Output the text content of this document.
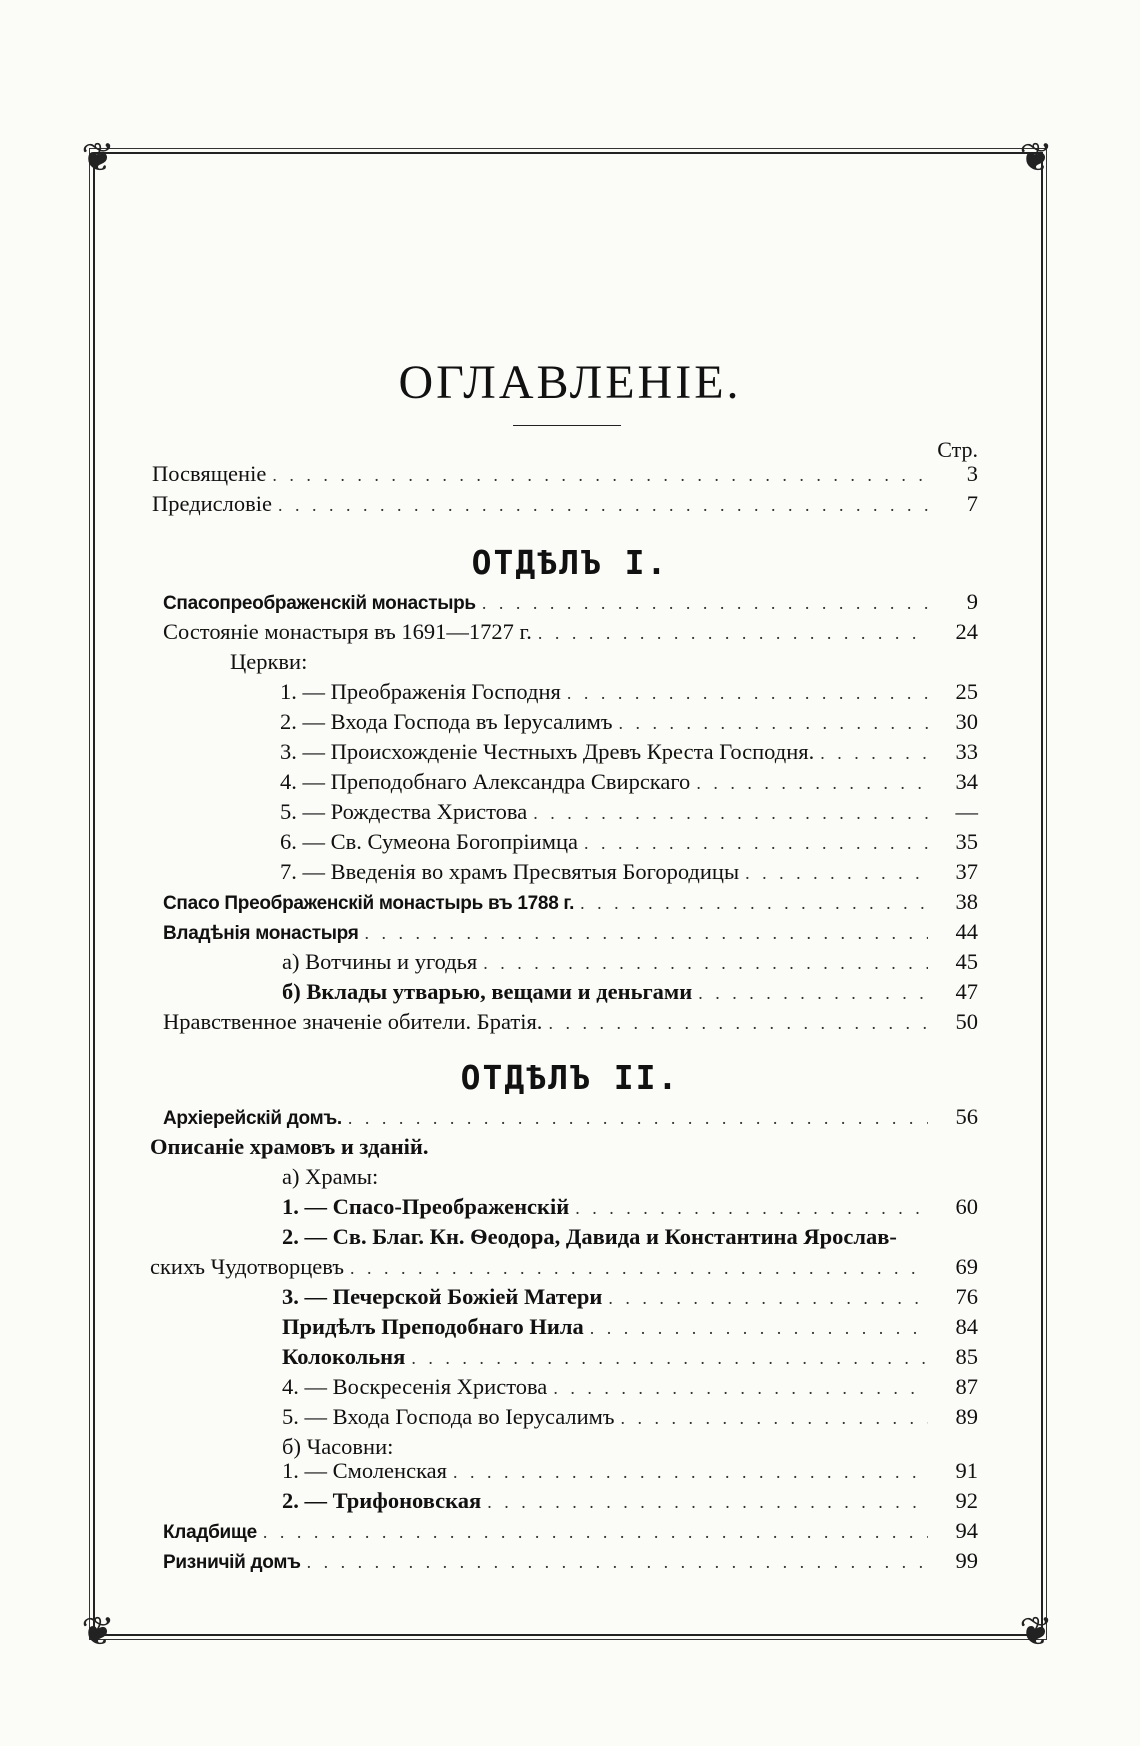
❦	❦
❦	❦
ОГЛАВЛЕНІЕ.
Стр.
Посвященіе . . .	3
Предисловіе . . .	7
ОТДѢЛЪ I.
Спасопреображенскій монастырь . . .	9
Состояніе монастыря въ 1691—1727 г. . . .	24
Церкви:
1. — Преображенія Господня . . .	25
2. — Входа Господа въ Іерусалимъ . . .	30
3. — Происхожденіе Честныхъ Древъ Креста Господня. . . .	33
4. — Преподобнаго Александра Свирскаго . . .	34
5. — Рождества Христова . . .	—
6. — Св. Сумеона Богопріимца . . .	35
7. — Введенія во храмъ Пресвятыя Богородицы . . .	37
Спасо Преображенскій монастырь въ 1788 г. . . .	38
Владѣнія монастыря . . .	44
а) Вотчины и угодья . . .	45
б) Вклады утварью, вещами и деньгами . . .	47
Нравственное значеніе обители. Братія. . . .	50
ОТДѢЛЪ II.
Архіерейскій домъ. . . .	56
Описаніе храмовъ и зданій.
а) Храмы:
1. — Спасо-Преображенскій . . .	60
2. — Св. Благ. Кн. Ѳеодора, Давида и Константина Ярослав-
скихъ Чудотворцевъ . . .	69
3. — Печерской Божіей Матери . . .	76
Придѣлъ Преподобнаго Нила . . .	84
Колокольня . . .	85
4. — Воскресенія Христова . . .	87
5. — Входа Господа во Іерусалимъ . . .	89
б) Часовни:
1. — Смоленская . . .	91
2. — Трифоновская . . .	92
Кладбище . . .	94
Ризничій домъ . . .	99
